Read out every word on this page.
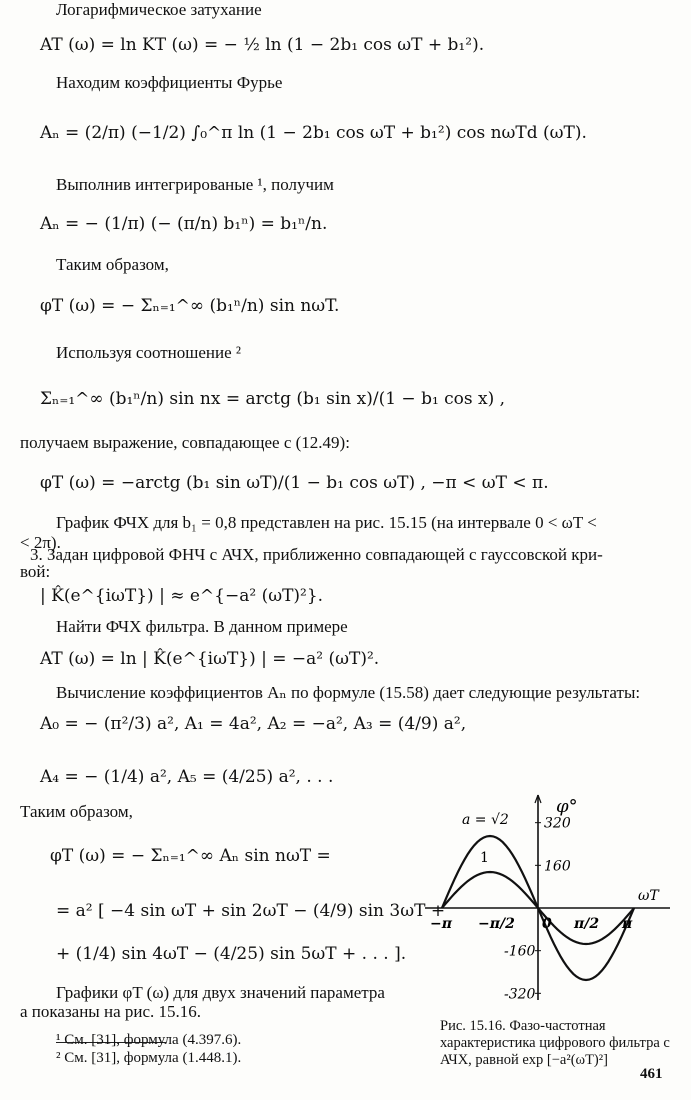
Логарифмическое затухание
AT (ω) = ln KT (ω) = − ½ ln (1 − 2b₁ cos ωT + b₁²).
Находим коэффициенты Фурье
Aₙ = (2/π) (−1/2) ∫₀^π ln (1 − 2b₁ cos ωT + b₁²) cos nωTd (ωT).
Выполнив интегрированые ¹, получим
Aₙ = − (1/π) (− (π/n) b₁ⁿ) = b₁ⁿ/n.
Таким образом,
φT (ω) = − Σₙ₌₁^∞ (b₁ⁿ/n) sin nωT.
Используя соотношение ²
Σₙ₌₁^∞ (b₁ⁿ/n) sin nx = arctg (b₁ sin x)/(1 − b₁ cos x) ,
получаем выражение, совпадающее с (12.49):
φT (ω) = −arctg (b₁ sin ωT)/(1 − b₁ cos ωT) , −π < ωT < π.
График ФЧХ для b₁ = 0,8 представлен на рис. 15.15 (на интервале 0 < ωT <
< 2π).
3. Задан цифровой ФНЧ с АЧХ, приближенно совпадающей с гауссовской кри-
вой:
| K̂(e^{iωT}) | ≈ e^{−a² (ωT)²}.
Найти ФЧХ фильтра. В данном примере
AT (ω) = ln | K̂(e^{iωT}) | = −a² (ωT)².
Вычисление коэффициентов Aₙ по формуле (15.58) дает следующие результаты:
A₀ = − (π²/3) a², A₁ = 4a², A₂ = −a², A₃ = (4/9) a²,
A₄ = − (1/4) a², A₅ = (4/25) a², . . .
Таким образом,
φT (ω) = − Σₙ₌₁^∞ Aₙ sin nωT =
= a² [ −4 sin ωT + sin 2ωT − (4/9) sin 3ωT +
+ (1/4) sin 4ωT − (4/25) sin 5ωT + . . . ].
Графики φT (ω) для двух значений параметра
a показаны на рис. 15.16.
¹ См. [31], формула (4.397.6).
² См. [31], формула (1.448.1).
−π −π/2 0 π/2 π
320
160
-160
-320
φ°
ωT
a = √2
1
Рис. 15.16. Фазо-частотная характеристика цифрового фильтра с АЧХ, равной exp [−a²(ωT)²]
461
